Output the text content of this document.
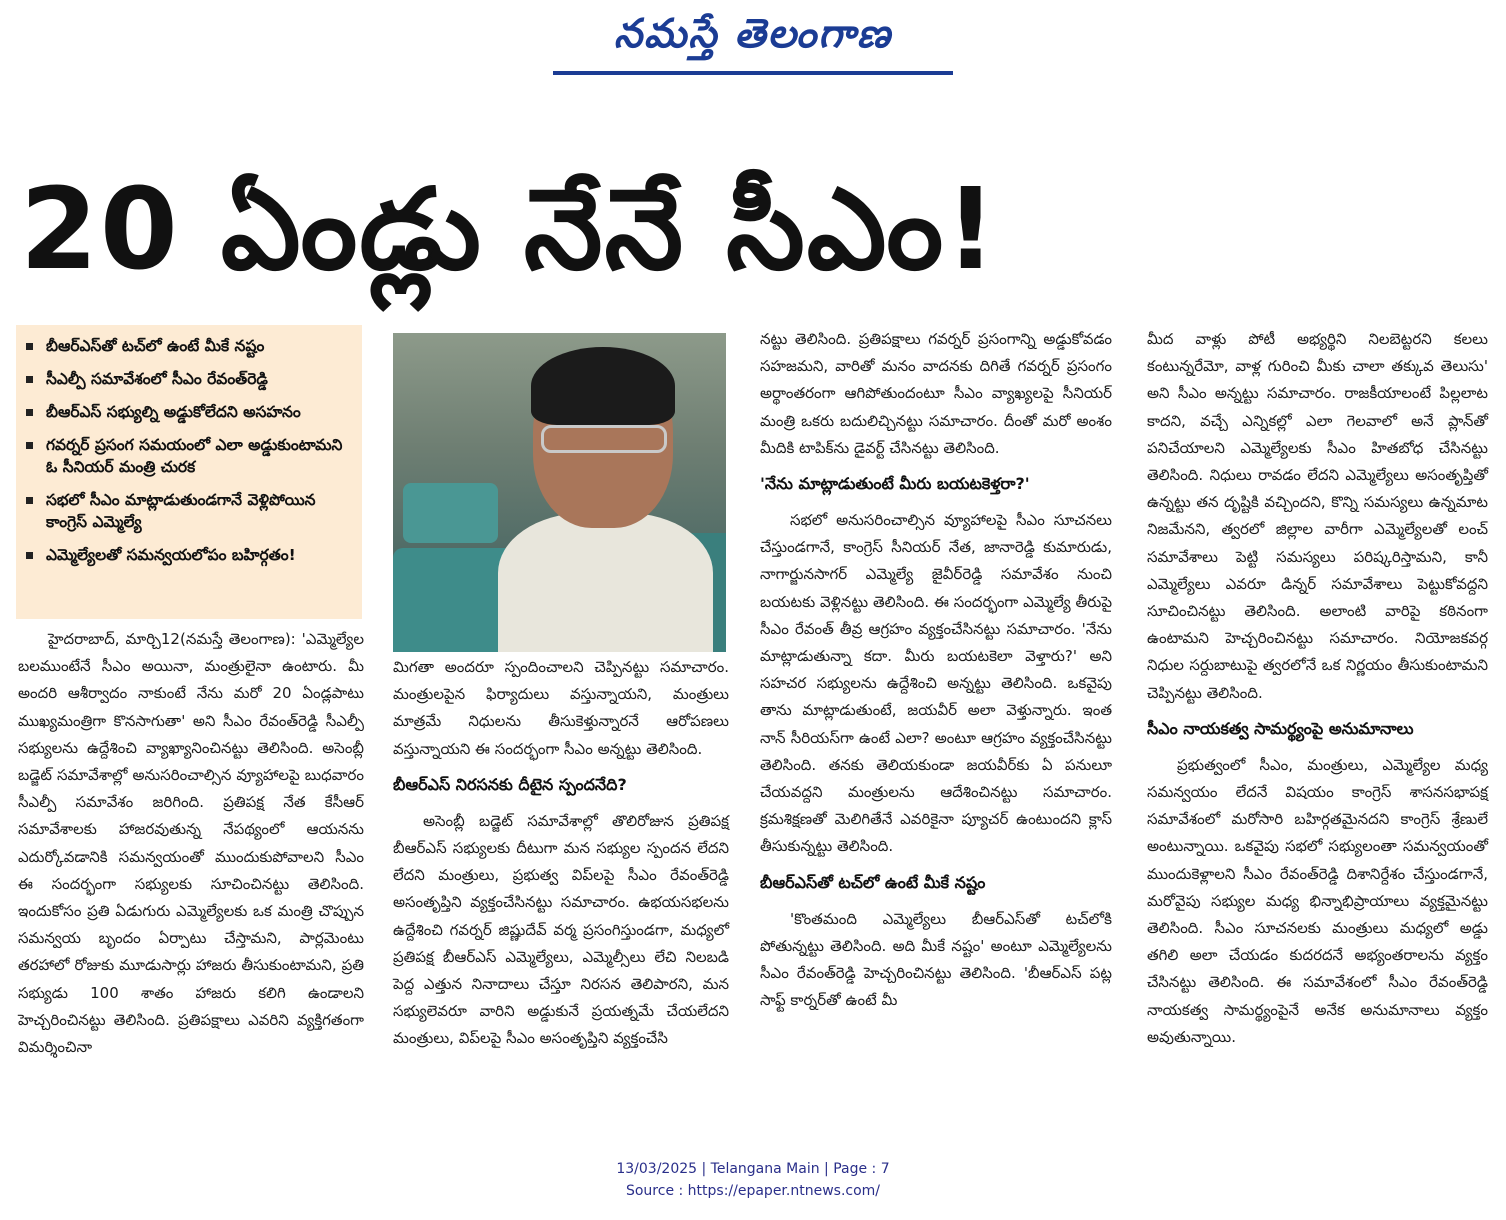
నమస్తే తెలంగాణ
20 ఏండ్లు నేనే సీఎం!
బీఆర్ఎస్‌తో టచ్‌లో ఉంటే మీకే నష్టం
సీఎల్పీ సమావేశంలో సీఎం రేవంత్‌రెడ్డి
బీఆర్ఎస్ సభ్యుల్ని అడ్డుకోలేదని అసహనం
గవర్నర్ ప్రసంగ సమయంలో ఎలా అడ్డుకుంటామని ఓ సీనియర్ మంత్రి చురక
సభలో సీఎం మాట్లాడుతుండగానే వెళ్లిపోయిన కాంగ్రెస్ ఎమ్మెల్యే
ఎమ్మెల్యేలతో సమన్వయలోపం బహిర్గతం!

హైదరాబాద్, మార్చి12(నమస్తే తెలంగాణ): 'ఎమ్మెల్యేల బలముంటేనే సీఎం అయినా, మంత్రులైనా ఉంటారు. మీ అందరి ఆశీర్వాదం నాకుంటే నేను మరో 20 ఏండ్లపాటు ముఖ్యమంత్రిగా కొనసాగుతా' అని సీఎం రేవంత్‌రెడ్డి సీఎల్పీ సభ్యులను ఉద్దేశించి వ్యాఖ్యానించినట్టు తెలిసింది. అసెంబ్లీ బడ్జెట్ సమావేశాల్లో అనుసరించాల్సిన వ్యూహాలపై బుధవారం సీఎల్పీ సమావేశం జరిగింది. ప్రతిపక్ష నేత కేసీఆర్ సమావేశాలకు హాజరవుతున్న నేపథ్యంలో ఆయనను ఎదుర్కోవడానికి సమన్వయంతో ముందుకుపోవాలని సీఎం ఈ సందర్భంగా సభ్యులకు సూచించినట్టు తెలిసింది. ఇందుకోసం ప్రతి ఏడుగురు ఎమ్మెల్యేలకు ఒక మంత్రి చొప్పున సమన్వయ బృందం ఏర్పాటు చేస్తామని, పార్లమెంటు తరహాలో రోజుకు మూడుసార్లు హాజరు తీసుకుంటామని, ప్రతి సభ్యుడు 100 శాతం హాజరు కలిగి ఉండాలని హెచ్చరించినట్టు తెలిసింది. ప్రతిపక్షాలు ఎవరిని వ్యక్తిగతంగా విమర్శించినా

మిగతా అందరూ స్పందించాలని చెప్పినట్టు సమాచారం. మంత్రులపైన ఫిర్యాదులు వస్తున్నాయని, మంత్రులు మాత్రమే నిధులను తీసుకెళ్తున్నారనే ఆరోపణలు వస్తున్నాయని ఈ సందర్భంగా సీఎం అన్నట్టు తెలిసింది.

బీఆర్ఎస్ నిరసనకు దీటైన స్పందనేది?

అసెంబ్లీ బడ్జెట్ సమావేశాల్లో తొలిరోజున ప్రతిపక్ష బీఆర్ఎస్ సభ్యులకు దీటుగా మన సభ్యుల స్పందన లేదని లేదని మంత్రులు, ప్రభుత్వ విప్‌లపై సీఎం రేవంత్‌రెడ్డి అసంతృప్తిని వ్యక్తంచేసినట్టు సమాచారం. ఉభయసభలను ఉద్దేశించి గవర్నర్ జిష్ణుదేవ్ వర్మ ప్రసంగిస్తుండగా, మధ్యలో ప్రతిపక్ష బీఆర్ఎస్ ఎమ్మెల్యేలు, ఎమ్మెల్సీలు లేచి నిలబడి పెద్ద ఎత్తున నినాదాలు చేస్తూ నిరసన తెలిపారని, మన సభ్యులెవరూ వారిని అడ్డుకునే ప్రయత్నమే చేయలేదని మంత్రులు, విప్‌లపై సీఎం అసంతృప్తిని వ్యక్తంచేసి

నట్టు తెలిసింది. ప్రతిపక్షాలు గవర్నర్ ప్రసంగాన్ని అడ్డుకోవడం సహజమని, వారితో మనం వాదనకు దిగితే గవర్నర్ ప్రసంగం అర్థాంతరంగా ఆగిపోతుందంటూ సీఎం వ్యాఖ్యలపై సీనియర్ మంత్రి ఒకరు బదులిచ్చినట్టు సమాచారం. దీంతో మరో అంశం మీదికి టాపిక్‌ను డైవర్ట్ చేసినట్టు తెలిసింది.

'నేను మాట్లాడుతుంటే మీరు బయటకెళ్తరా?'

సభలో అనుసరించాల్సిన వ్యూహాలపై సీఎం సూచనలు చేస్తుండగానే, కాంగ్రెస్ సీనియర్ నేత, జానారెడ్డి కుమారుడు, నాగార్జునసాగర్ ఎమ్మెల్యే జైవీర్‌రెడ్డి సమావేశం నుంచి బయటకు వెళ్లినట్టు తెలిసింది. ఈ సందర్భంగా ఎమ్మెల్యే తీరుపై సీఎం రేవంత్ తీవ్ర ఆగ్రహం వ్యక్తంచేసినట్టు సమాచారం. 'నేను మాట్లాడుతున్నా కదా. మీరు బయటకెలా వెళ్తారు?' అని సహచర సభ్యులను ఉద్దేశించి అన్నట్టు తెలిసింది. ఒకవైపు తాను మాట్లాడుతుంటే, జయవీర్ అలా వెళ్తున్నారు. ఇంత నాన్ సీరియస్‌గా ఉంటే ఎలా? అంటూ ఆగ్రహం వ్యక్తంచేసినట్టు తెలిసింది. తనకు తెలియకుండా జయవీర్‌కు ఏ పనులూ చేయవద్దని మంత్రులను ఆదేశించినట్టు సమాచారం. క్రమశిక్షణతో మెలిగితేనే ఎవరికైనా ప్యూచర్ ఉంటుందని క్లాస్ తీసుకున్నట్టు తెలిసింది.

బీఆర్ఎస్‌తో టచ్‌లో ఉంటే మీకే నష్టం

'కొంతమంది ఎమ్మెల్యేలు బీఆర్ఎస్‌తో టచ్‌లోకి పోతున్నట్టు తెలిసింది. అది మీకే నష్టం' అంటూ ఎమ్మెల్యేలను సీఎం రేవంత్‌రెడ్డి హెచ్చరించినట్టు తెలిసింది. 'బీఆర్ఎస్ పట్ల సాఫ్ట్ కార్నర్‌తో ఉంటే మీ

మీద వాళ్లు పోటీ అభ్యర్థిని నిలబెట్టరని కలలు కంటున్నరేమో, వాళ్ల గురించి మీకు చాలా తక్కువ తెలుసు' అని సీఎం అన్నట్టు సమాచారం. రాజకీయాలంటే పిల్లలాట కాదని, వచ్చే ఎన్నికల్లో ఎలా గెలవాలో అనే ప్లాన్‌తో పనిచేయాలని ఎమ్మెల్యేలకు సీఎం హితబోధ చేసినట్టు తెలిసింది. నిధులు రావడం లేదని ఎమ్మెల్యేలు అసంతృప్తితో ఉన్నట్టు తన దృష్టికి వచ్చిందని, కొన్ని సమస్యలు ఉన్నమాట నిజమేనని, త్వరలో జిల్లాల వారీగా ఎమ్మెల్యేలతో లంచ్ సమావేశాలు పెట్టి సమస్యలు పరిష్కరిస్తామని, కానీ ఎమ్మెల్యేలు ఎవరూ డిన్నర్ సమావేశాలు పెట్టుకోవద్దని సూచించినట్టు తెలిసింది. అలాంటి వారిపై కఠినంగా ఉంటామని హెచ్చరించినట్టు సమాచారం. నియోజకవర్గ నిధుల సర్దుబాటుపై త్వరలోనే ఒక నిర్ణయం తీసుకుంటామని చెప్పినట్టు తెలిసింది.

సీఎం నాయకత్వ సామర్థ్యంపై అనుమానాలు

ప్రభుత్వంలో సీఎం, మంత్రులు, ఎమ్మెల్యేల మధ్య సమన్వయం లేదనే విషయం కాంగ్రెస్ శాసనసభాపక్ష సమావేశంలో మరోసారి బహిర్గతమైనదని కాంగ్రెస్ శ్రేణులే అంటున్నాయి. ఒకవైపు సభలో సభ్యులంతా సమన్వయంతో ముందుకెళ్లాలని సీఎం రేవంత్‌రెడ్డి దిశానిర్దేశం చేస్తుండగానే, మరోవైపు సభ్యుల మధ్య భిన్నాభిప్రాయాలు వ్యక్తమైనట్టు తెలిసింది. సీఎం సూచనలకు మంత్రులు మధ్యలో అడ్డు తగిలి అలా చేయడం కుదరదనే అభ్యంతరాలను వ్యక్తం చేసినట్టు తెలిసింది. ఈ సమావేశంలో సీఎం రేవంత్‌రెడ్డి నాయకత్వ సామర్థ్యంపైనే అనేక అనుమానాలు వ్యక్తం అవుతున్నాయి.

13/03/2025 | Telangana Main | Page : 7
Source : https://epaper.ntnews.com/
